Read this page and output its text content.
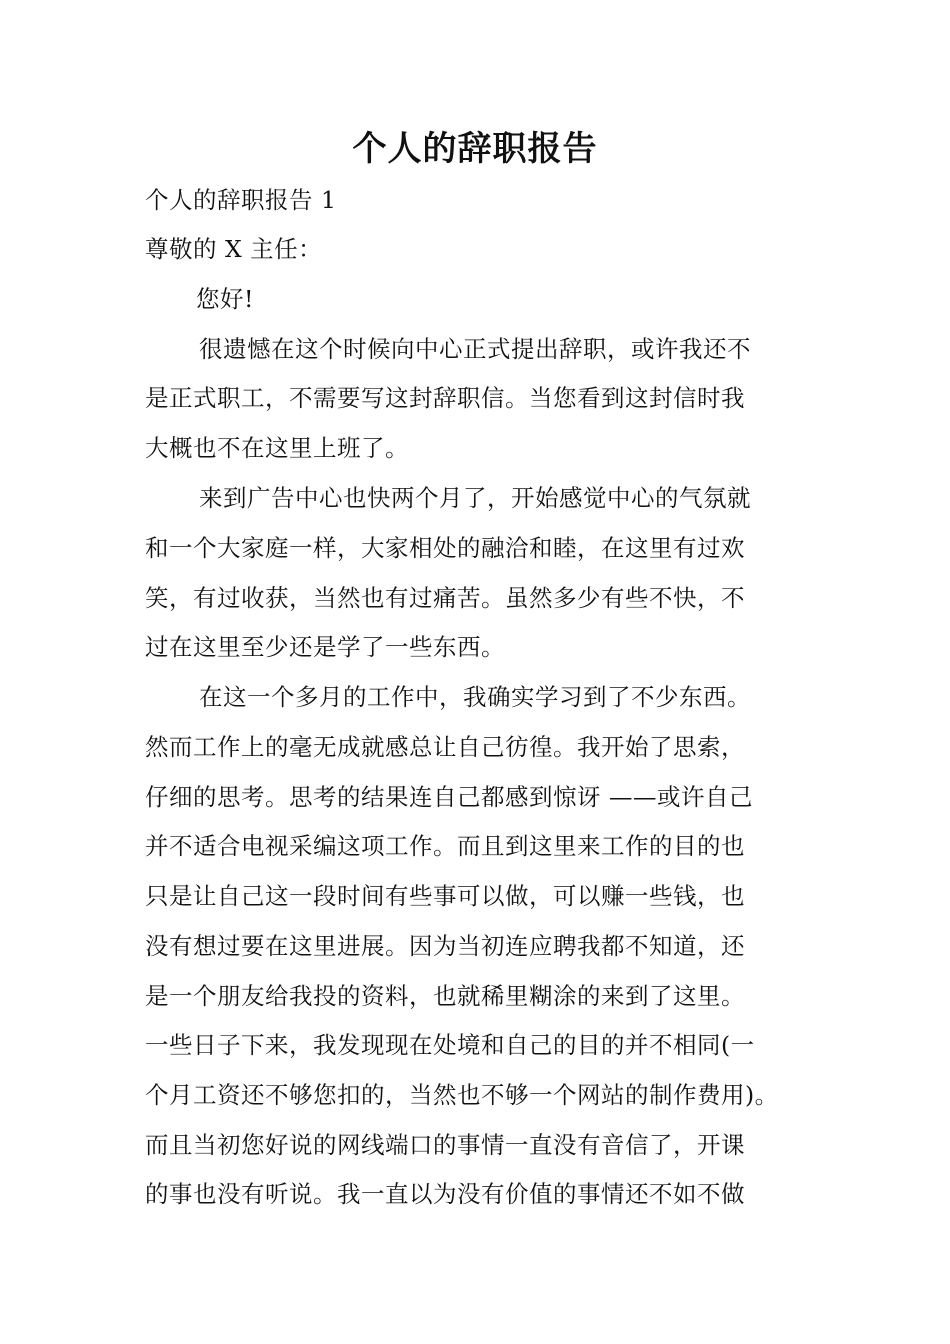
个人的辞职报告
个人的辞职报告 1
尊敬的 X 主任：
您好!
很遗憾在这个时候向中心正式提出辞职，或许我还不
是正式职工，不需要写这封辞职信。当您看到这封信时我
大概也不在这里上班了。
来到广告中心也快两个月了，开始感觉中心的气氛就
和一个大家庭一样，大家相处的融洽和睦，在这里有过欢
笑，有过收获，当然也有过痛苦。虽然多少有些不快，不
过在这里至少还是学了一些东西。
在这一个多月的工作中，我确实学习到了不少东西。
然而工作上的毫无成就感总让自己彷徨。我开始了思索，
仔细的思考。思考的结果连自己都感到惊讶 ——或许自己
并不适合电视采编这项工作。而且到这里来工作的目的也
只是让自己这一段时间有些事可以做，可以赚一些钱，也
没有想过要在这里进展。因为当初连应聘我都不知道，还
是一个朋友给我投的资料，也就稀里糊涂的来到了这里。
一些日子下来，我发现现在处境和自己的目的并不相同(一
个月工资还不够您扣的，当然也不够一个网站的制作费用)。
而且当初您好说的网线端口的事情一直没有音信了，开课
的事也没有听说。我一直以为没有价值的事情还不如不做
